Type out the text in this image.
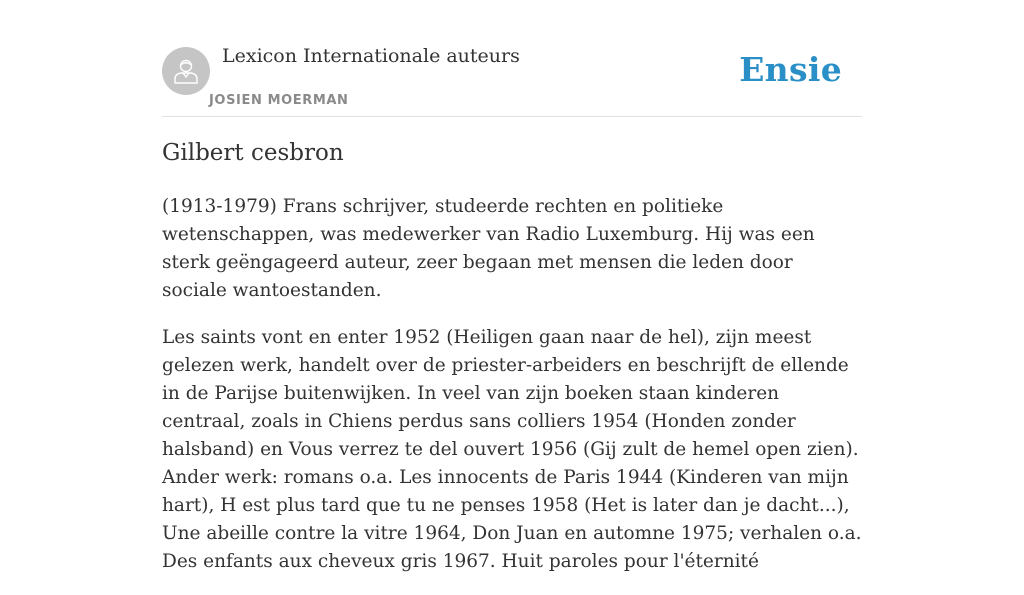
Lexicon Internationale auteurs
JOSIEN MOERMAN
Ensie
Gilbert cesbron

(1913-1979) Frans schrijver, studeerde rechten en politieke wetenschappen, was medewerker van Radio Luxemburg. Hij was een sterk geëngageerd auteur, zeer begaan met mensen die leden door sociale wantoestanden.

Les saints vont en enter 1952 (Heiligen gaan naar de hel), zijn meest gelezen werk, handelt over de priester-arbeiders en beschrijft de ellende in de Parijse buitenwijken. In veel van zijn boeken staan kinderen centraal, zoals in Chiens perdus sans colliers 1954 (Honden zonder halsband) en Vous verrez te del ouvert 1956 (Gij zult de hemel open zien). Ander werk: romans o.a. Les innocents de Paris 1944 (Kinderen van mijn hart), H est plus tard que tu ne penses 1958 (Het is later dan je dacht...), Une abeille contre la vitre 1964, Don Juan en automne 1975; verhalen o.a. Des enfants aux cheveux gris 1967. Huit paroles pour l'éternité
